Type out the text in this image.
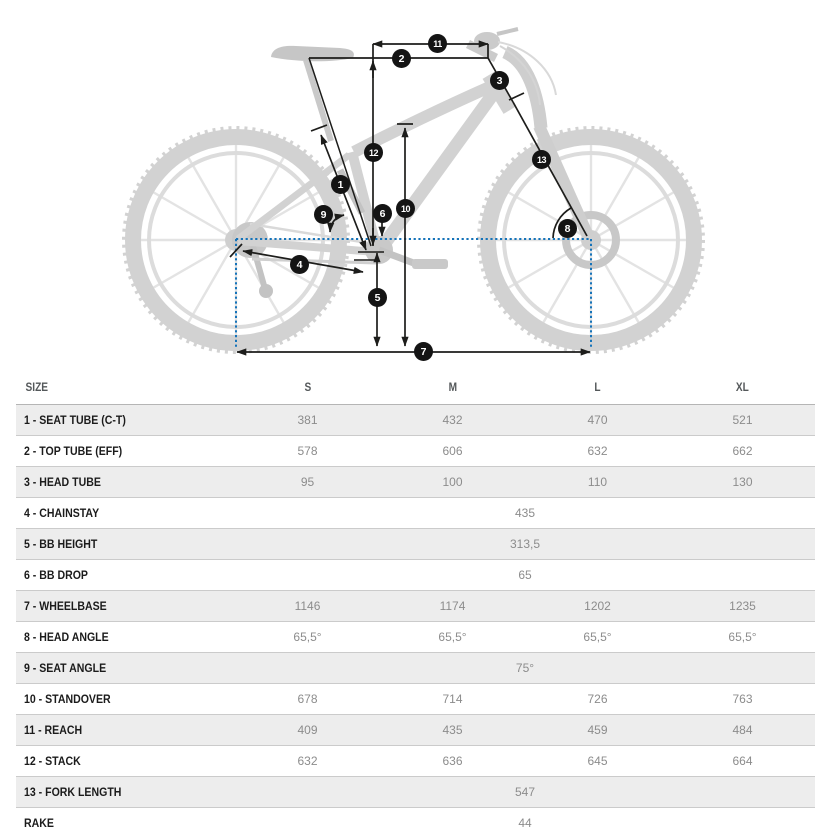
1
2
3
4
5
6
7
8
9	10
11
12
13
SIZE	S	M	L	XL
1 - SEAT TUBE (C-T)	381	432	470	521
2 - TOP TUBE (EFF)	578	606	632	662
3 - HEAD TUBE	95	100	110	130
4 - CHAINSTAY	435			
5 - BB HEIGHT	313,5			
6 - BB DROP	65			
7 - WHEELBASE	1146	1174	1202	1235
8 - HEAD ANGLE	65,5°	65,5°	65,5°	65,5°
9 - SEAT ANGLE	75°			
10 - STANDOVER	678	714	726	763
11 - REACH	409	435	459	484
12 - STACK	632	636	645	664
13 - FORK LENGTH	547			
RAKE	44			
